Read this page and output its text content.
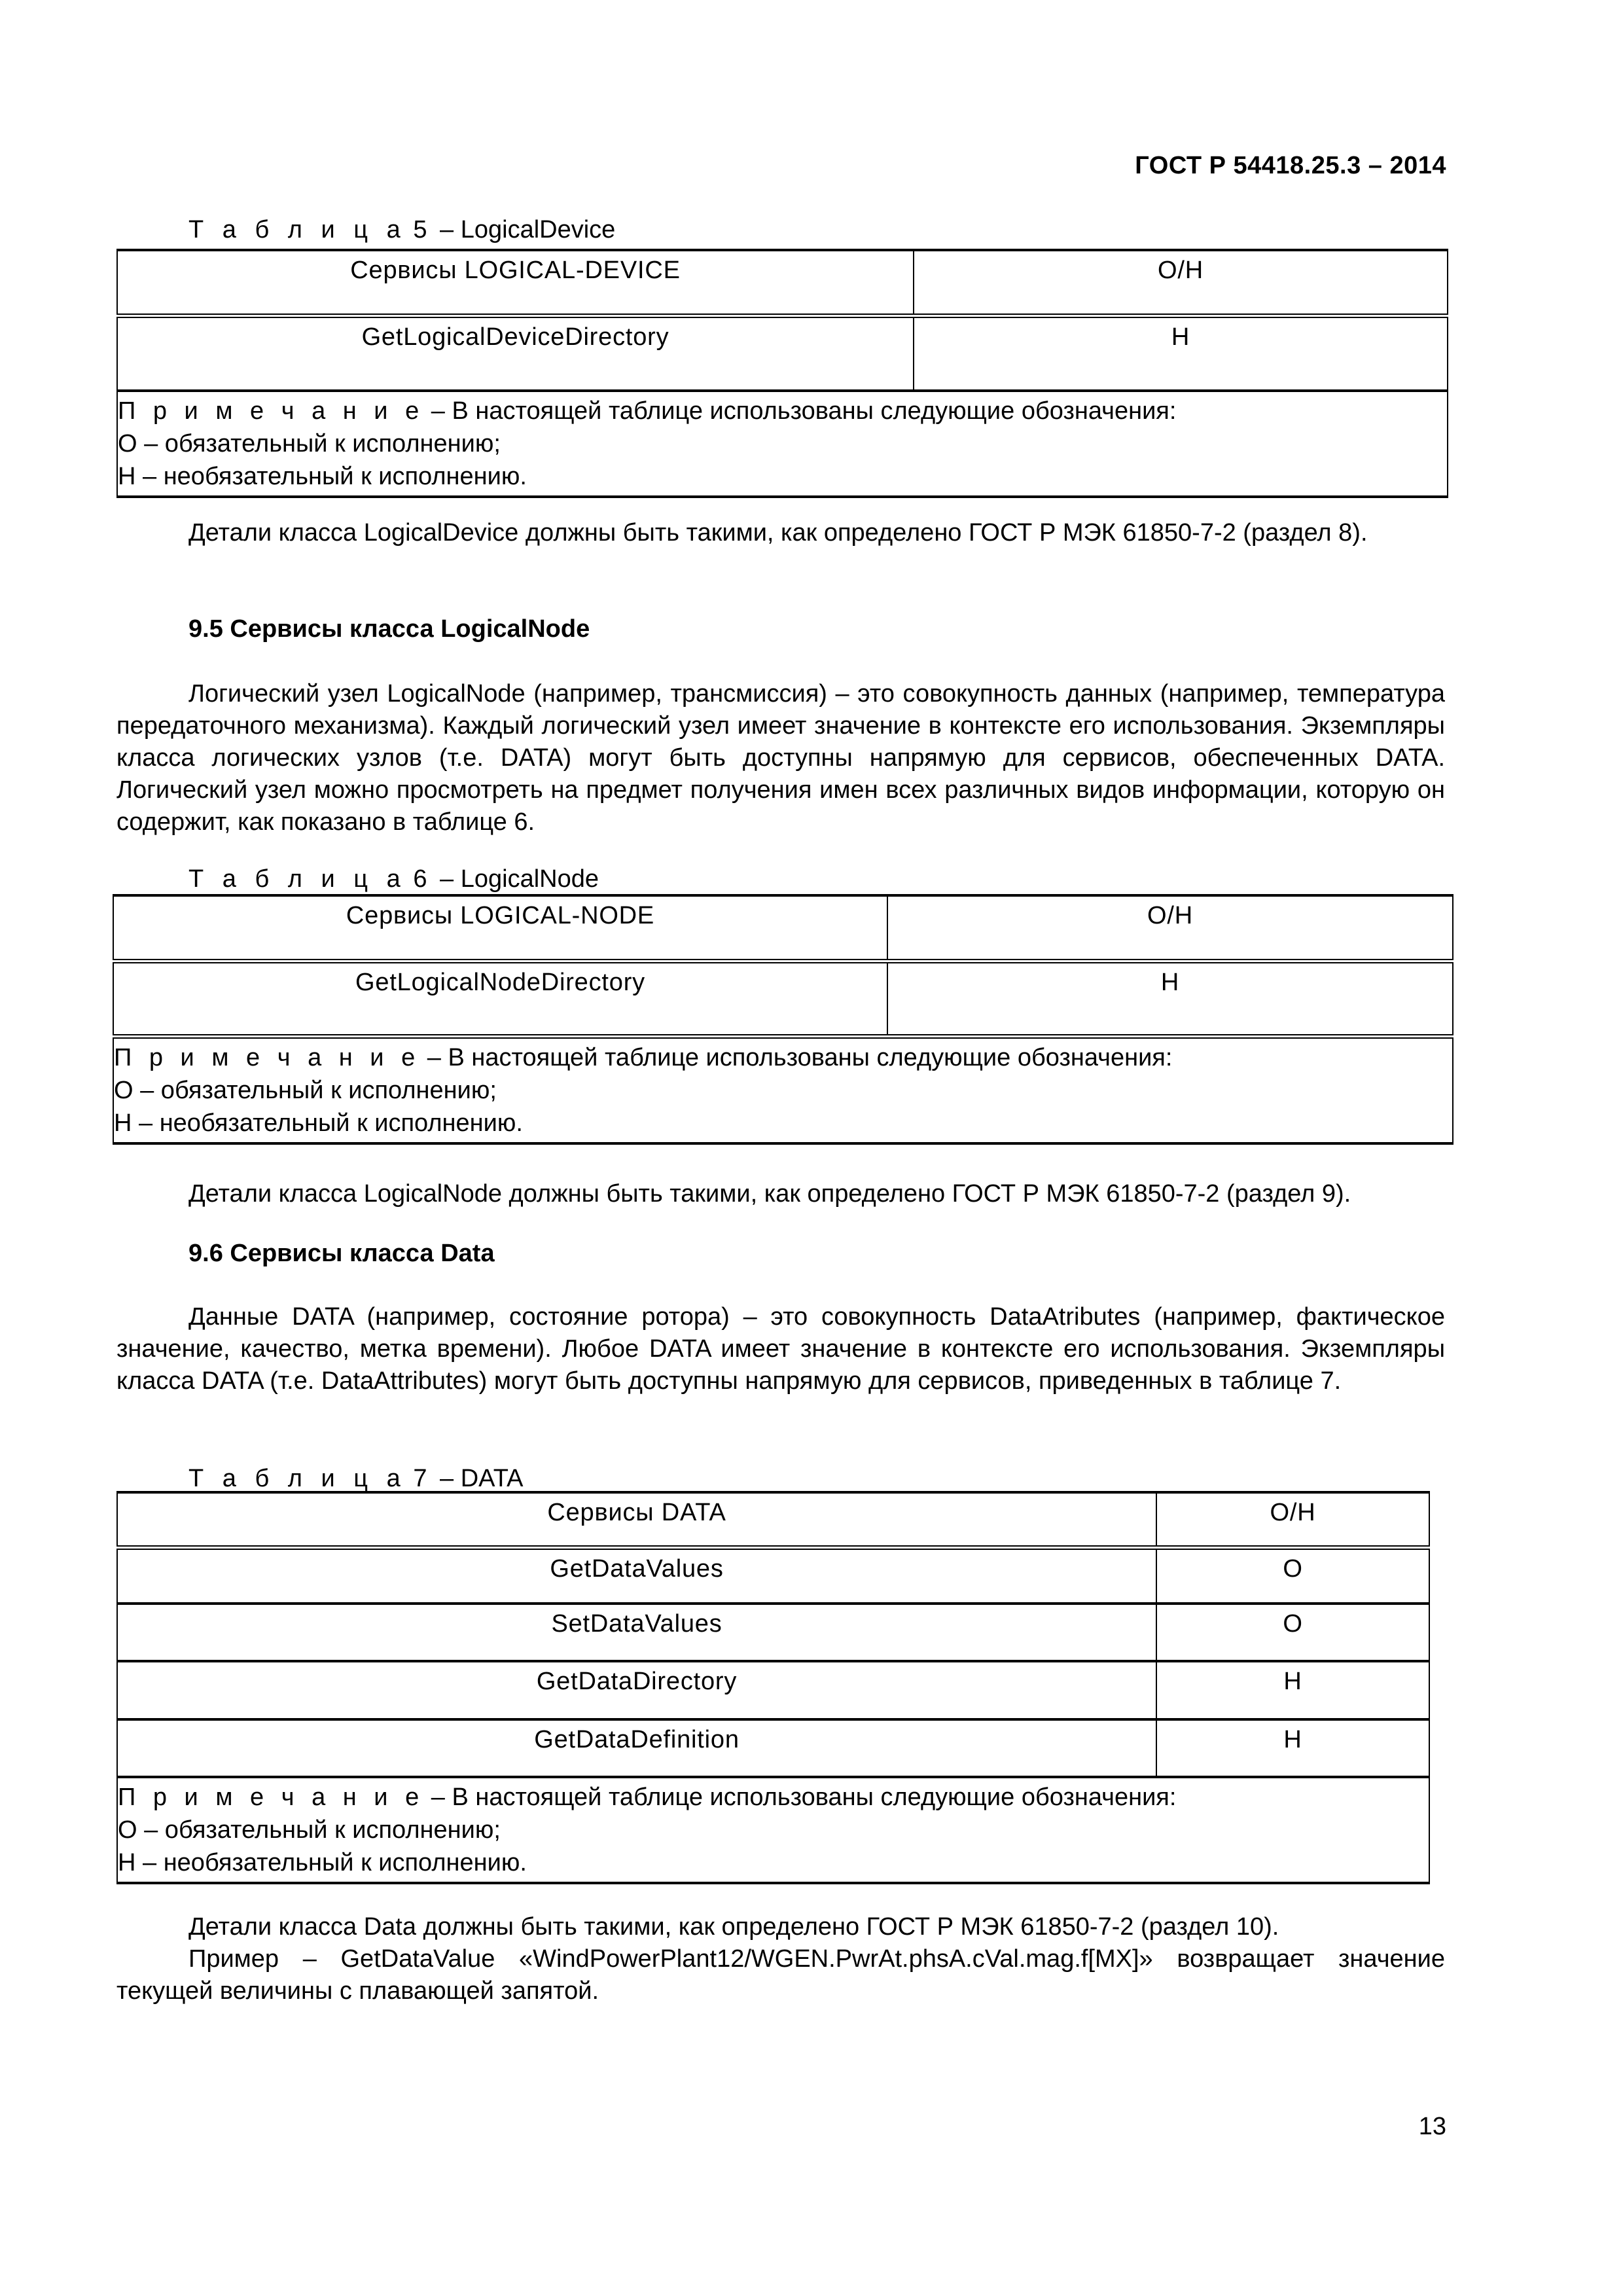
ГОСТ Р 54418.25.3 – 2014
Т а б л и ц а 5 – LogicalDevice
Сервисы LOGICAL-DEVICE	О/Н
GetLogicalDeviceDirectory	Н
П р и м е ч а н и е – В настоящей таблице использованы следующие обозначения:
О – обязательный к исполнению;
Н – необязательный к исполнению.	
Детали класса LogicalDevice должны быть такими, как определено ГОСТ Р МЭК 61850-7-2 (раздел 8).
9.5 Сервисы класса LogicalNode
Логический узел LogicalNode (например, трансмиссия) – это совокупность данных (например, температура передаточного механизма). Каждый логический узел имеет значение в контексте его использования. Экземпляры класса логических узлов (т.е. DATA) могут быть доступны напрямую для сервисов, обеспеченных DATA. Логический узел можно просмотреть на предмет получения имен всех различных видов информации, которую он содержит, как показано в таблице 6.
Т а б л и ц а 6 – LogicalNode
Сервисы LOGICAL-NODE	О/Н
GetLogicalNodeDirectory	Н
П р и м е ч а н и е – В настоящей таблице использованы следующие обозначения:
О – обязательный к исполнению;
Н – необязательный к исполнению.	
Детали класса LogicalNode должны быть такими, как определено ГОСТ Р МЭК 61850-7-2 (раздел 9).
9.6 Сервисы класса Data
Данные DATA (например, состояние ротора) – это совокупность DataAtributes (например, фактическое значение, качество, метка времени). Любое DATA имеет значение в контексте его использования. Экземпляры класса DATA (т.е. DataAttributes) могут быть доступны напрямую для сервисов, приведенных в таблице 7.
Т а б л и ц а 7 – DATA
Сервисы DATA	О/Н
GetDataValues	О
SetDataValues	О
GetDataDirectory	Н
GetDataDefinition	Н
П р и м е ч а н и е – В настоящей таблице использованы следующие обозначения:
О – обязательный к исполнению;
Н – необязательный к исполнению.	
Детали класса Data должны быть такими, как определено ГОСТ Р МЭК 61850-7-2 (раздел 10).
Пример – GetDataValue «WindPowerPlant12/WGEN.PwrAt.phsA.cVal.mag.f[MX]» возвращает значение текущей величины с плавающей запятой.
13
